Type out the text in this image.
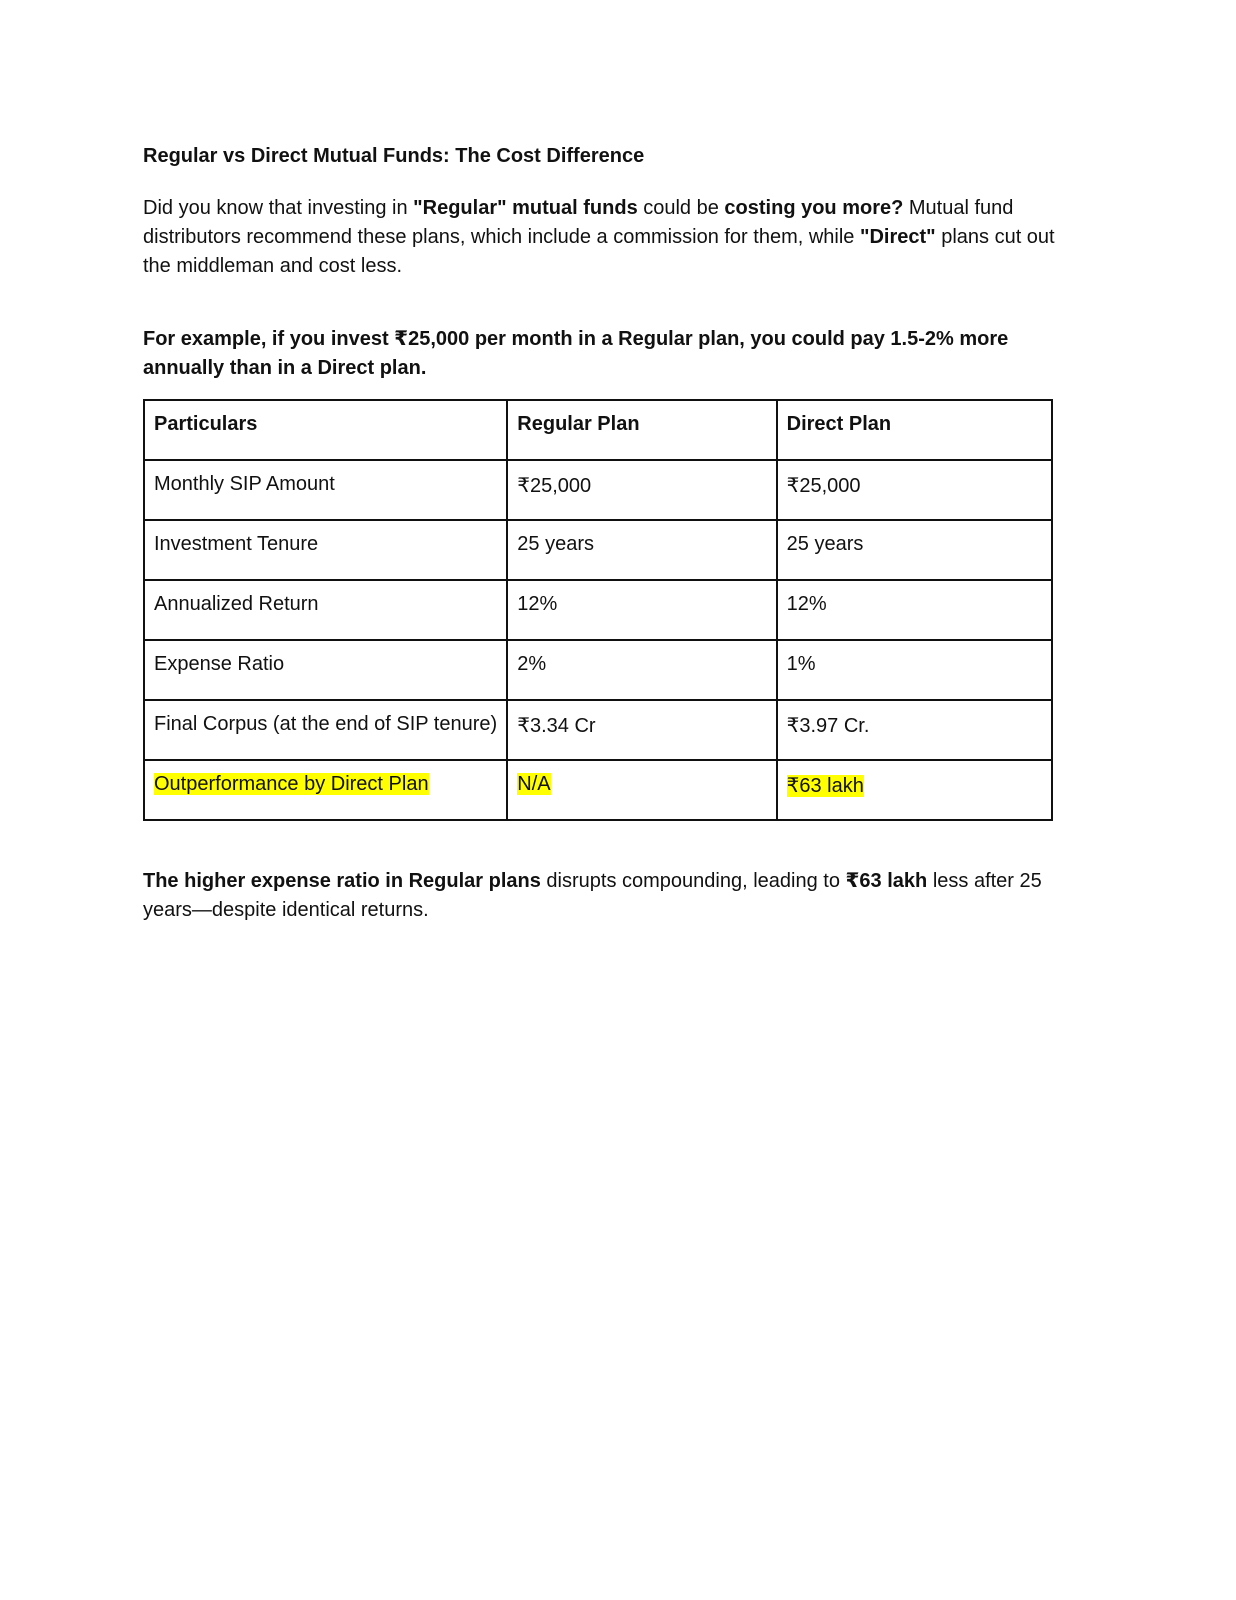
Regular vs Direct Mutual Funds: The Cost Difference

Did you know that investing in "Regular" mutual funds could be costing you more? Mutual fund distributors recommend these plans, which include a commission for them, while "Direct" plans cut out the middleman and cost less.

For example, if you invest ₹25,000 per month in a Regular plan, you could pay 1.5-2% more annually than in a Direct plan.

Particulars	Regular Plan	Direct Plan
Monthly SIP Amount	₹25,000	₹25,000
Investment Tenure	25 years	25 years
Annualized Return	12%	12%
Expense Ratio	2%	1%
Final Corpus (at the end of SIP tenure)	₹3.34 Cr	₹3.97 Cr.
Outperformance by Direct Plan	N/A	₹63 lakh

The higher expense ratio in Regular plans disrupts compounding, leading to ₹63 lakh less after 25 years—despite identical returns.
